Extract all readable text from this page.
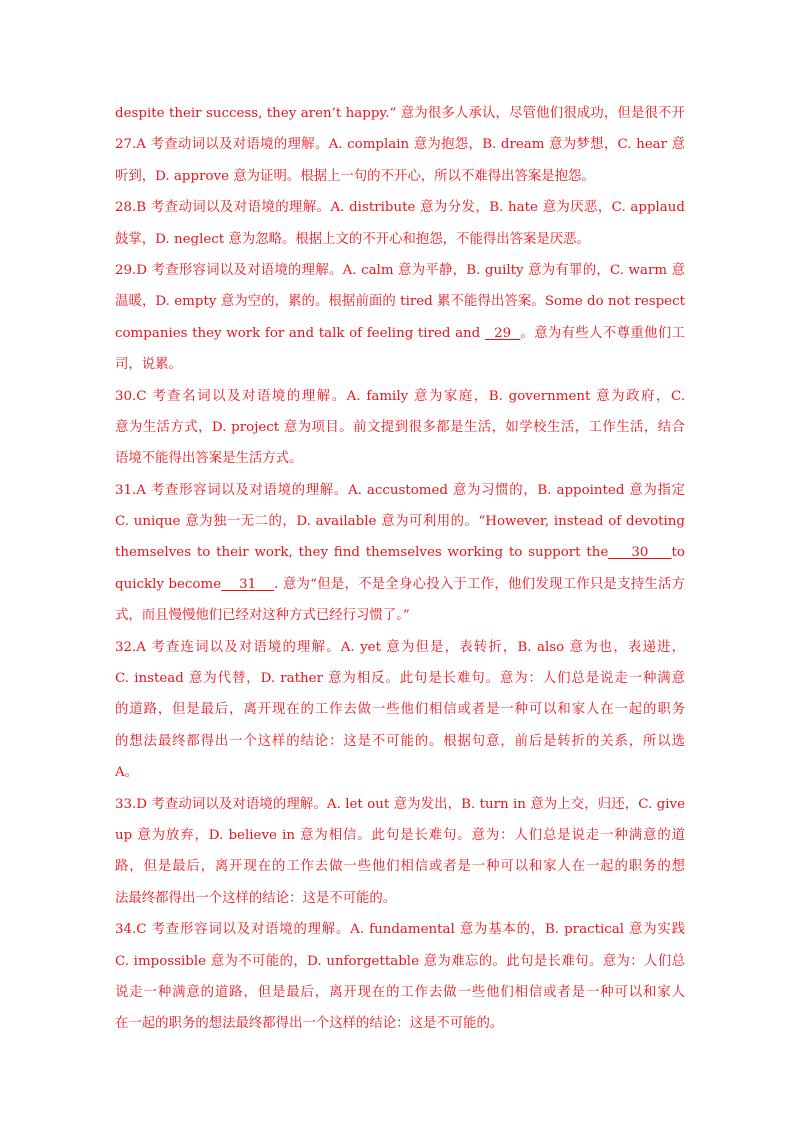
despite their success, they aren’t happy.” 意为很多人承认，尽管他们很成功，但是很不开
27.A 考查动词以及对语境的理解。A. complain 意为抱怨，B. dream 意为梦想，C. hear 意
听到，D. approve 意为证明。根据上一句的不开心，所以不难得出答案是抱怨。
28.B 考查动词以及对语境的理解。A. distribute 意为分发，B. hate 意为厌恶，C. applaud
鼓掌，D. neglect 意为忽略。根据上文的不开心和抱怨，不能得出答案是厌恶。
29.D 考查形容词以及对语境的理解。A. calm 意为平静，B. guilty 意为有罪的，C. warm 意
温暖，D. empty 意为空的，累的。根据前面的 tired 累不能得出答案。Some do not respect
companies they work for and talk of feeling tired and   29  。意为有些人不尊重他们工
司，说累。
30.C 考查名词以及对语境的理解。A. family 意为家庭，B. government 意为政府，C.
意为生活方式，D. project 意为项目。前文提到很多都是生活，如学校生活，工作生活，结合
语境不能得出答案是生活方式。
31.A 考查形容词以及对语境的理解。A. accustomed 意为习惯的，B. appointed 意为指定
C. unique 意为独一无二的，D. available 意为可利用的。“However, instead of devoting
themselves to their work, they find themselves working to support the    30    to
quickly become    31    . 意为“但是，不是全身心投入于工作，他们发现工作只是支持生活方
式，而且慢慢他们已经对这种方式已经行习惯了。”
32.A 考查连词以及对语境的理解。A. yet 意为但是，表转折，B. also 意为也，表递进，
C. instead 意为代替，D. rather 意为相反。此句是长难句。意为：人们总是说走一种满意
的道路，但是最后，离开现在的工作去做一些他们相信或者是一种可以和家人在一起的职务
的想法最终都得出一个这样的结论：这是不可能的。根据句意，前后是转折的关系，所以选
A。
33.D 考查动词以及对语境的理解。A. let out 意为发出，B. turn in 意为上交，归还，C. give
up 意为放弃，D. believe in 意为相信。此句是长难句。意为：人们总是说走一种满意的道
路，但是最后，离开现在的工作去做一些他们相信或者是一种可以和家人在一起的职务的想
法最终都得出一个这样的结论：这是不可能的。
34.C 考查形容词以及对语境的理解。A. fundamental 意为基本的，B. practical 意为实践
C. impossible 意为不可能的，D. unforgettable 意为难忘的。此句是长难句。意为：人们总
说走一种满意的道路，但是最后，离开现在的工作去做一些他们相信或者是一种可以和家人
在一起的职务的想法最终都得出一个这样的结论：这是不可能的。
